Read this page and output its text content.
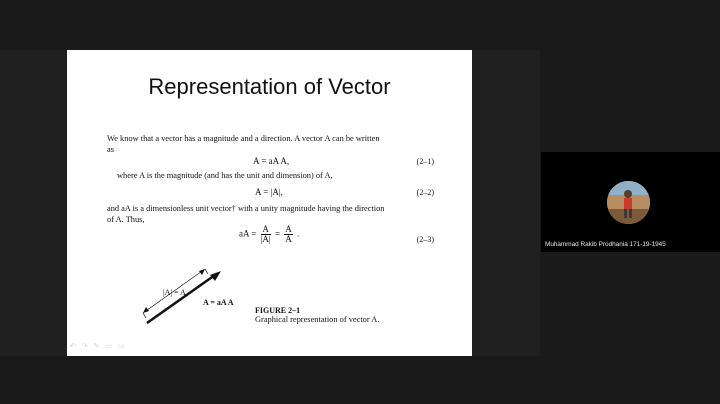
Representation of Vector
We know that a vector has a magnitude and a direction. A vector A can be written
as
A = aA A,	(2–1)
where A is the magnitude (and has the unit and dimension) of A,
A = |A|,	(2–2)
and aA is a dimensionless unit vector† with a unity magnitude having the direction
of A. Thus,
aA = $\frac{A}{|A|} = \frac{A}{A}$ .
(2–3)
|A| = A
A = aA A
FIGURE 2–1
Graphical representation of vector A.
↶ ↷ ✎ ▭ ▭
Muhammad Rakib Prodhania 171-19-1945
